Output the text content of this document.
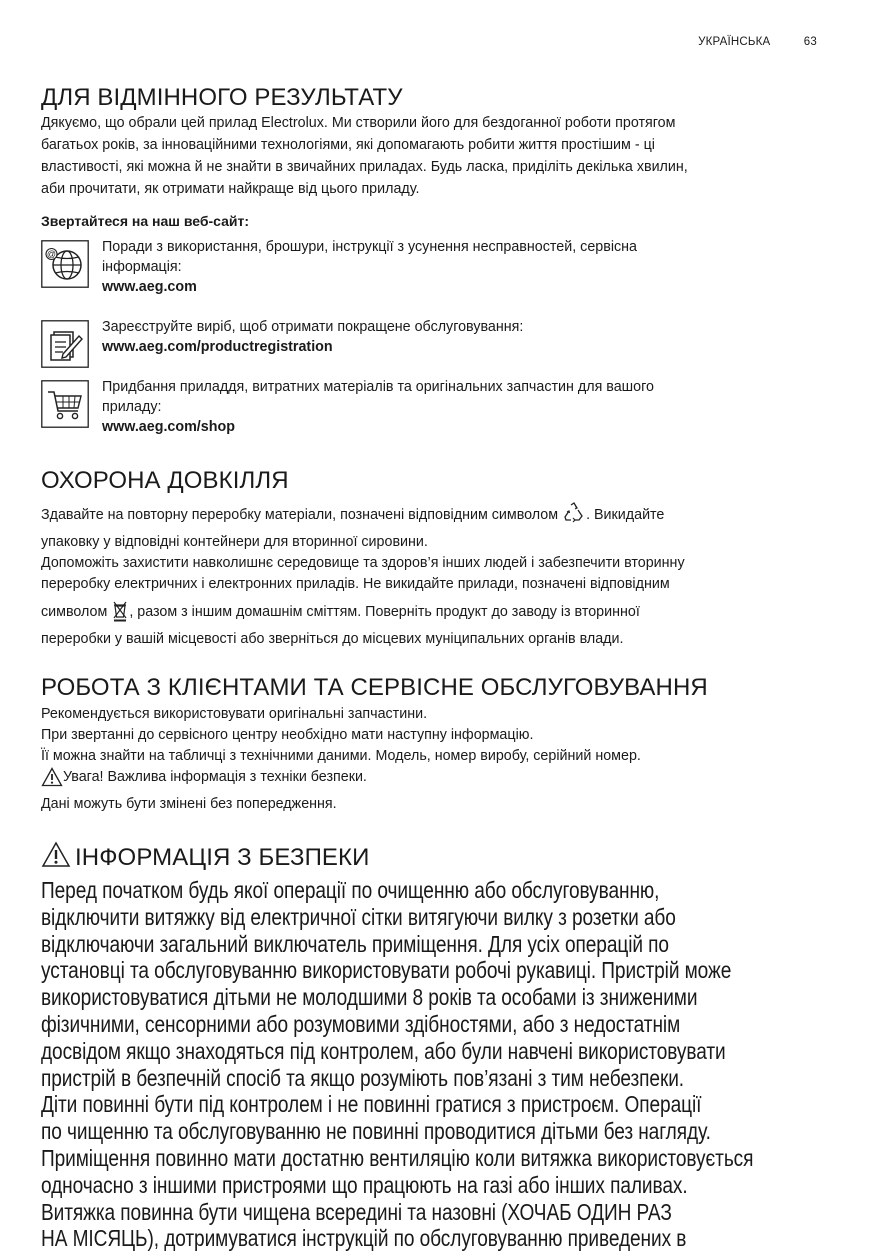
УКРАЇНСЬКА	63
ДЛЯ ВІДМІННОГО РЕЗУЛЬТАТУ

Дякуємо, що обрали цей прилад Electrolux. Ми створили його для бездоганної роботи протягом

багатьох років, за інноваційними технологіями, які допомагають робити життя простішим - ці

властивості, які можна й не знайти в звичайних приладах. Будь ласка, приділіть декілька хвилин,

аби прочитати, як отримати найкраще від цього приладу.

Звертайтеся на наш веб-сайт:
@	Поради з використання, брошури, інструкції з усунення несправностей, сервісна

інформація:

www.aeg.com

Зареєструйте виріб, щоб отримати покращене обслуговування:

www.aeg.com/productregistration

Придбання приладдя, витратних матеріалів та оригінальних запчастин для вашого

приладу:

www.aeg.com/shop

ОХОРОНА ДОВКІЛЛЯ

Здавайте на повторну переробку матеріали, позначені відповідним символом . Викидайте

упаковку у відповідні контейнери для вторинної сировини.

Допоможіть захистити навколишнє середовище та здоров’я інших людей і забезпечити вторинну

переробку електричних і електронних приладів. Не викидайте прилади, позначені відповідним

символом , разом з іншим домашнім сміттям. Поверніть продукт до заводу із вторинної

переробки у вашій місцевості або зверніться до місцевих муніципальних органів влади.

РОБОТА З КЛІЄНТАМИ ТА СЕРВІСНЕ ОБСЛУГОВУВАННЯ

Рекомендується використовувати оригінальні запчастини.

При звертанні до сервісного центру необхідно мати наступну інформацію.

Її можна знайти на табличці з технічними даними. Модель, номер виробу, серійний номер.

Увага! Важлива інформація з техніки безпеки.

Дані можуть бути змінені без попередження.

ІНФОРМАЦІЯ З БЕЗПЕКИ

Перед початком будь якої операції по очищенню або обслуговуванню,

відключити витяжку від електричної сітки витягуючи вилку з розетки або

відключаючи загальний виключатель приміщення. Для усіх операцій по

установці та обслуговуванню використовувати робочі рукавиці. Пристрій може

використовуватися дітьми не молодшими 8 років та особами із зниженими

фізичними, сенсорними або розумовими здібностями, або з недостатнім

досвідом якщо знаходяться під контролем, або були навчені використовувати

пристрій в безпечній спосіб та якщо розуміють пов’язані з тим небезпеки.

Діти повинні бути під контролем і не повинні гратися з пристроєм. Операції

по чищенню та обслуговуванню не повинні проводитися дітьми без нагляду.

Приміщення повинно мати достатню вентиляцію коли витяжка використовується

одночасно з іншими пристроями що працюють на газі або інших паливах.

Витяжка повинна бути чищена всередині та назовні (ХОЧАБ ОДИН РАЗ

НА МІСЯЦЬ), дотримуватися інструкцій по обслуговуванню приведених в
